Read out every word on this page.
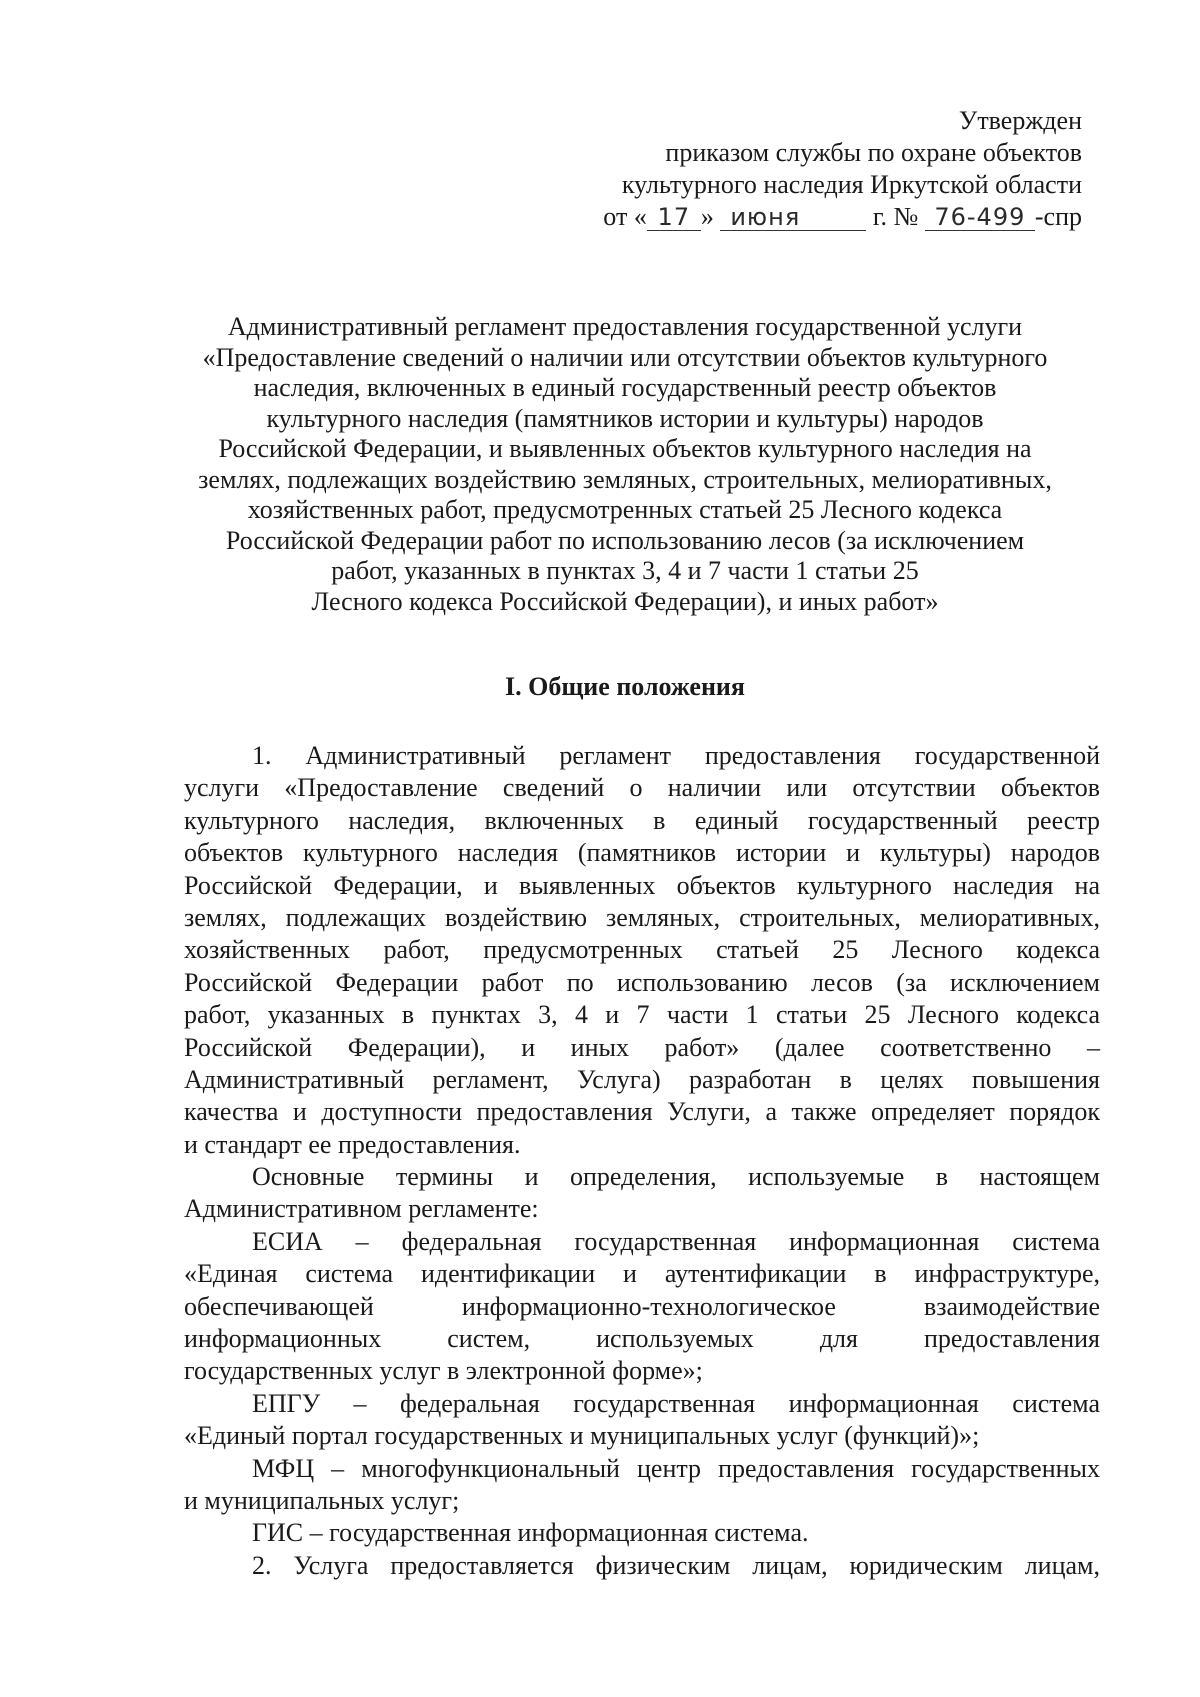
Утвержден
приказом службы по охране объектов
культурного наследия Иркутской области
от « 17 » июня	г. № 76-499 -спр
Административный регламент предоставления государственной услуги
«Предоставление сведений о наличии или отсутствии объектов культурного
наследия, включенных в единый государственный реестр объектов
культурного наследия (памятников истории и культуры) народов
Российской Федерации, и выявленных объектов культурного наследия на
землях, подлежащих воздействию земляных, строительных, мелиоративных,
хозяйственных работ, предусмотренных статьей 25 Лесного кодекса
Российской Федерации работ по использованию лесов (за исключением
работ, указанных в пунктах 3, 4 и 7 части 1 статьи 25
Лесного кодекса Российской Федерации), и иных работ»
I. Общие положения
1. Административный регламент предоставления государственной
услуги «Предоставление сведений о наличии или отсутствии объектов
культурного наследия, включенных в единый государственный реестр
объектов культурного наследия (памятников истории и культуры) народов
Российской Федерации, и выявленных объектов культурного наследия на
землях, подлежащих воздействию земляных, строительных, мелиоративных,
хозяйственных работ, предусмотренных статьей 25 Лесного кодекса
Российской Федерации работ по использованию лесов (за исключением
работ, указанных в пунктах 3, 4 и 7 части 1 статьи 25 Лесного кодекса
Российской Федерации), и иных работ» (далее соответственно –
Административный регламент, Услуга) разработан в целях повышения
качества и доступности предоставления Услуги, а также определяет порядок
и стандарт ее предоставления.
Основные термины и определения, используемые в настоящем
Административном регламенте:
ЕСИА – федеральная государственная информационная система
«Единая система идентификации и аутентификации в инфраструктуре,
обеспечивающей информационно-технологическое взаимодействие
информационных систем, используемых для предоставления
государственных услуг в электронной форме»;
ЕПГУ – федеральная государственная информационная система
«Единый портал государственных и муниципальных услуг (функций)»;
МФЦ – многофункциональный центр предоставления государственных
и муниципальных услуг;
ГИС – государственная информационная система.
2. Услуга предоставляется физическим лицам, юридическим лицам,
